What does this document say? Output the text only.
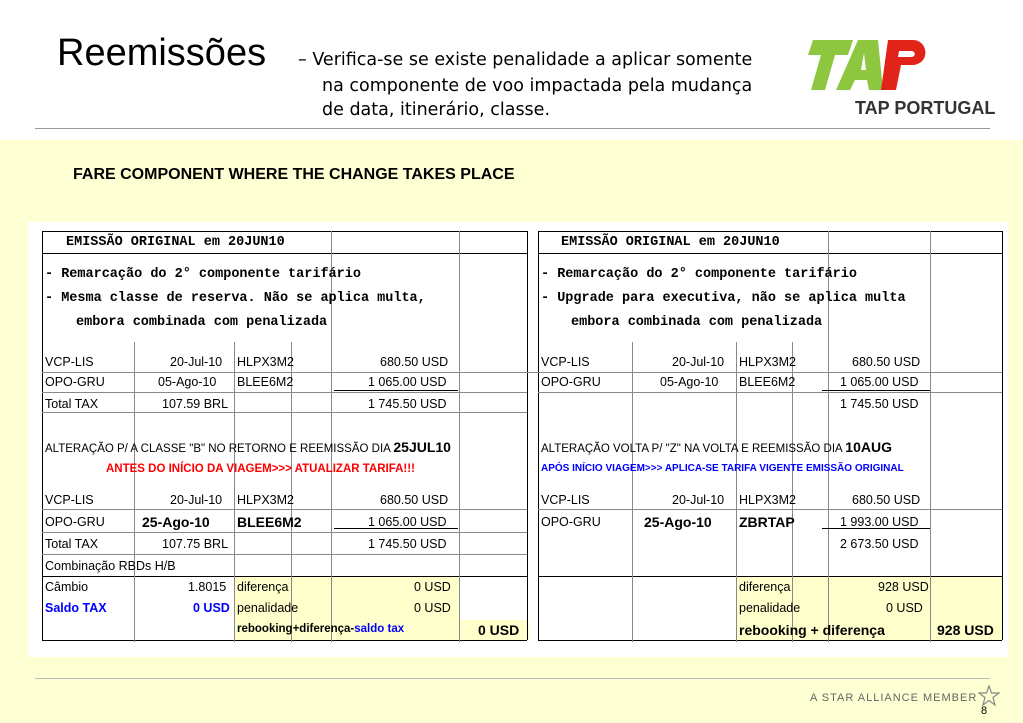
Reemissões – Verifica-se se existe penalidade a aplicar somente
na componente de voo impactada pela mudança
de data, itinerário, classe.	TAP PORTUGAL
FARE COMPONENT WHERE THE CHANGE TAKES PLACE
EMISSÃO ORIGINAL em 20JUN10
- Remarcação do 2° componente tarifário
- Mesma classe de reserva. Não se aplica multa,
embora combinada com penalizada
VCP-LIS	20-Jul-10 HLPX3M2	680.50 USD
OPO-GRU	05-Ago-10 BLEE6M2	1 065.00 USD
Total TAX	107.59 BRL	1 745.50 USD
ALTERAÇÃO P/ A CLASSE "B" NO RETORNO E REEMISSÃO DIA 25JUL10
ANTES DO INÍCIO DA VIAGEM>>> ATUALIZAR TARIFA!!!
VCP-LIS	20-Jul-10 HLPX3M2	680.50 USD
OPO-GRU	25-Ago-10 BLEE6M2	1 065.00 USD
Total TAX	107.75 BRL	1 745.50 USD
Combinação RBDs H/B
Câmbio	1.8015 diferença	0 USD
Saldo TAX	0 USD penalidade	0 USD
rebooking+diferença-saldo tax	0 USD
EMISSÃO ORIGINAL em 20JUN10
- Remarcação do 2° componente tarifário
- Upgrade para executiva, não se aplica multa
embora combinada com penalizada
VCP-LIS	20-Jul-10 HLPX3M2	680.50 USD
OPO-GRU	05-Ago-10 BLEE6M2	1 065.00 USD
1 745.50 USD
ALTERAÇÃO VOLTA P/ "Z" NA VOLTA E REEMISSÃO DIA 10AUG
APÓS INÍCIO VIAGEM>>> APLICA-SE TARIFA VIGENTE EMISSÃO ORIGINAL
VCP-LIS	20-Jul-10 HLPX3M2	680.50 USD
OPO-GRU	25-Ago-10 ZBRTAP	1 993.00 USD
2 673.50 USD
diferença	928 USD
penalidade	0 USD
rebooking + diferença	928 USD
A STAR ALLIANCE MEMBER
8
